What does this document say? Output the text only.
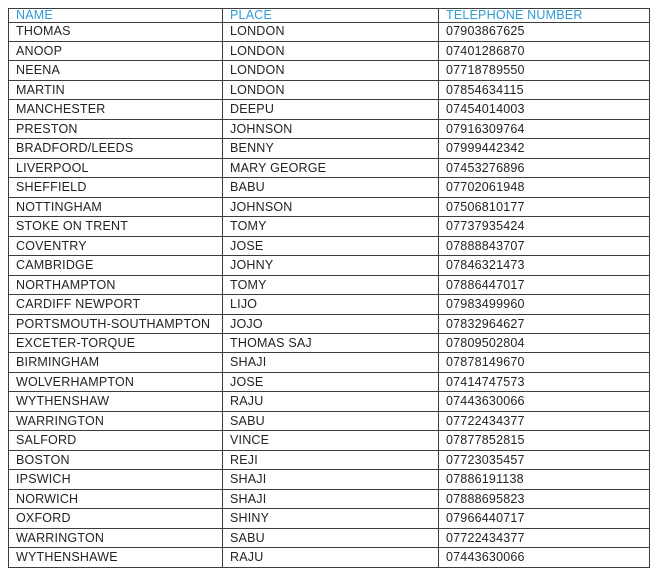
NAME	PLACE	TELEPHONE NUMBER
THOMAS	LONDON	07903867625
ANOOP	LONDON	07401286870
NEENA	LONDON	07718789550
MARTIN	LONDON	07854634115
MANCHESTER	DEEPU	07454014003
PRESTON	JOHNSON	07916309764
BRADFORD/LEEDS	BENNY	07999442342
LIVERPOOL	MARY GEORGE	07453276896
SHEFFIELD	BABU	07702061948
NOTTINGHAM	JOHNSON	07506810177
STOKE ON TRENT	TOMY	07737935424
COVENTRY	JOSE	07888843707
CAMBRIDGE	JOHNY	07846321473
NORTHAMPTON	TOMY	07886447017
CARDIFF NEWPORT	LIJO	07983499960
PORTSMOUTH-SOUTHAMPTON	JOJO	07832964627
EXCETER-TORQUE	THOMAS SAJ	07809502804
BIRMINGHAM	SHAJI	07878149670
WOLVERHAMPTON	JOSE	07414747573
WYTHENSHAW	RAJU	07443630066
WARRINGTON	SABU	07722434377
SALFORD	VINCE	07877852815
BOSTON	REJI	07723035457
IPSWICH	SHAJI	07886191138
NORWICH	SHAJI	07888695823
OXFORD	SHINY	07966440717
WARRINGTON	SABU	07722434377
WYTHENSHAWE	RAJU	07443630066
